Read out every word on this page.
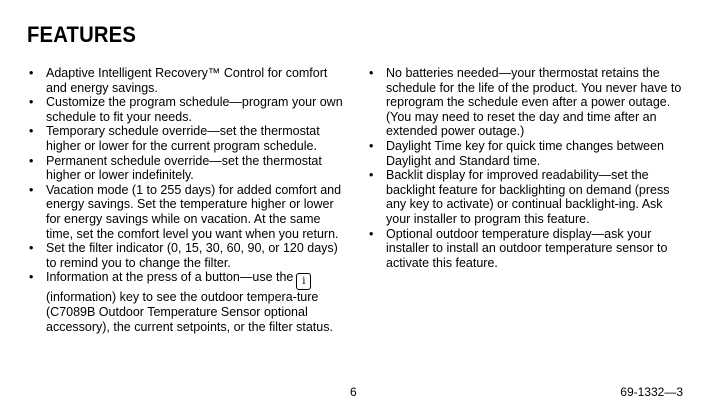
FEATURES
• Adaptive Intelligent Recovery™ Control for comfort and energy savings.
• Customize the program schedule—program your own schedule to fit your needs.
• Temporary schedule override—set the thermostat higher or lower for the current program schedule.
• Permanent schedule override—set the thermostat higher or lower indefinitely.
• Vacation mode (1 to 255 days) for added comfort and energy savings. Set the temperature higher or lower for energy savings while on vacation. At the same time, set the comfort level you want when you return.
• Set the filter indicator (0, 15, 30, 60, 90, or 120 days) to remind you to change the filter.
• Information at the press of a button—use the i
(information) key to see the outdoor tempera-ture (C7089B Outdoor Temperature Sensor optional accessory), the current setpoints, or the filter status.
• No batteries needed—your thermostat retains the schedule for the life of the product. You never have to reprogram the schedule even after a power outage. (You may need to reset the day and time after an extended power outage.)
• Daylight Time key for quick time changes between Daylight and Standard time.
• Backlit display for improved readability—set the backlight feature for backlighting on demand (press any key to activate) or continual backlight-ing. Ask your installer to program this feature.
• Optional outdoor temperature display—ask your installer to install an outdoor temperature sensor to activate this feature.
6	69-1332—3
